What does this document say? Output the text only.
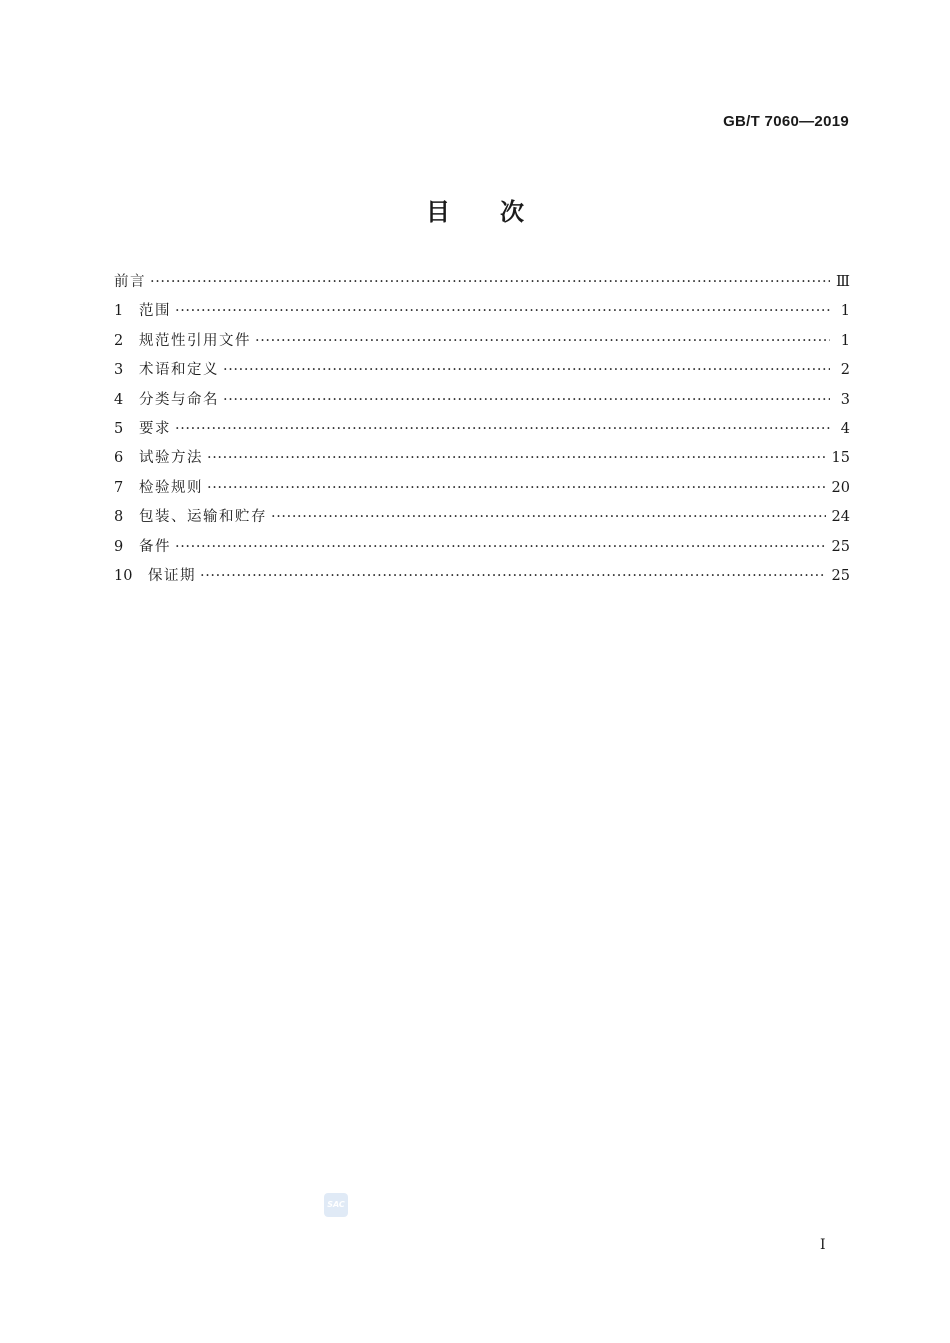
GB/T 7060—2019
目次
前言 ·····	Ⅲ
1	范围 ·····	1
2	规范性引用文件 ·····	1
3	术语和定义 ·····	2
4	分类与命名 ·····	3
5	要求 ·····	4
6	试验方法 ·····	15
7	检验规则 ·····	20
8	包装、运输和贮存 ·····	24
9	备件 ·····	25
10	保证期 ·····	25
SAC
I
